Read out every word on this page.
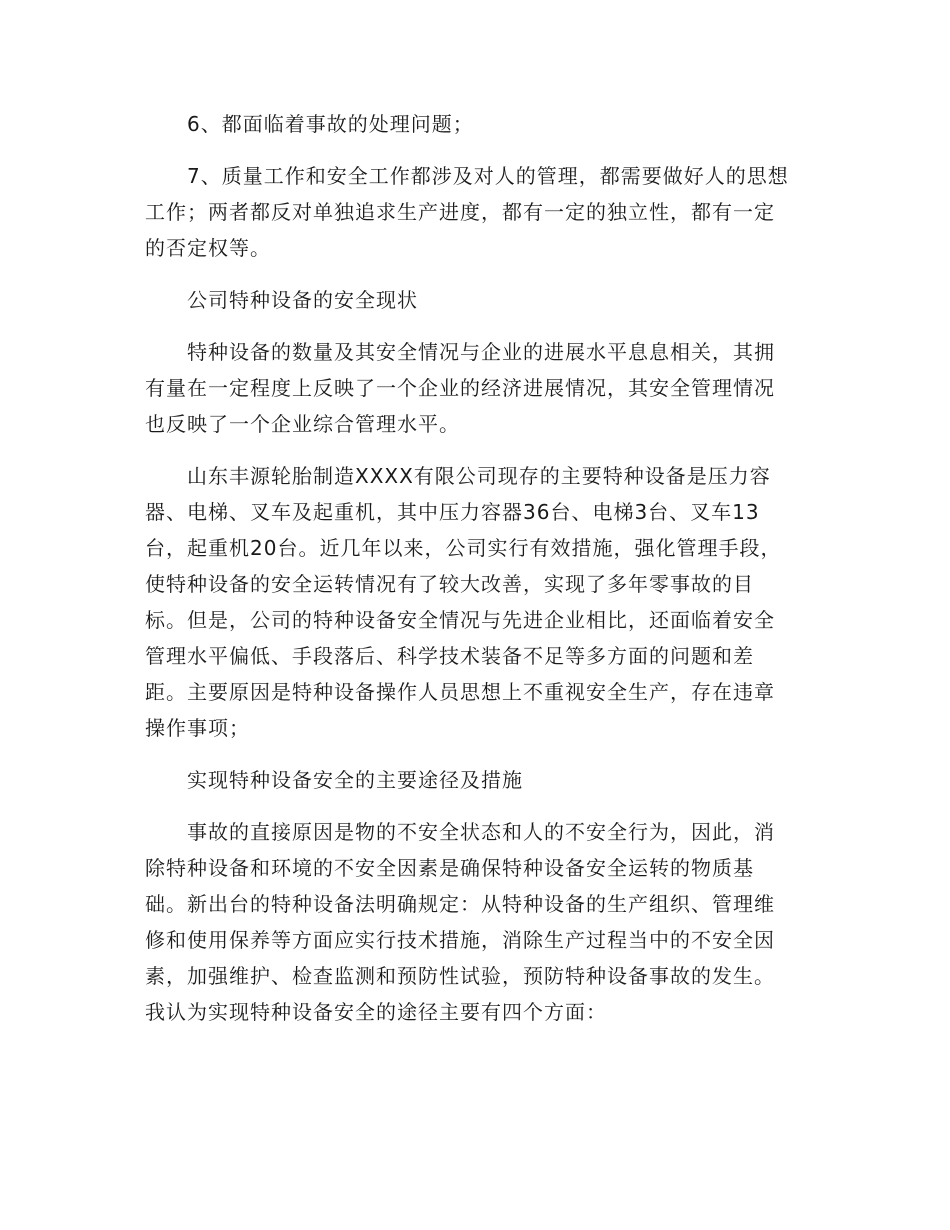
6、都面临着事故的处理问题；
7、质量工作和安全工作都涉及对人的管理，都需要做好人的思想
工作；两者都反对单独追求生产进度，都有一定的独立性，都有一定
的否定权等。
公司特种设备的安全现状
特种设备的数量及其安全情况与企业的进展水平息息相关，其拥
有量在一定程度上反映了一个企业的经济进展情况，其安全管理情况
也反映了一个企业综合管理水平。
山东丰源轮胎制造XXXX有限公司现存的主要特种设备是压力容
器、电梯、叉车及起重机，其中压力容器36台、电梯3台、叉车13
台，起重机20台。近几年以来，公司实行有效措施，强化管理手段，
使特种设备的安全运转情况有了较大改善，实现了多年零事故的目
标。但是，公司的特种设备安全情况与先进企业相比，还面临着安全
管理水平偏低、手段落后、科学技术装备不足等多方面的问题和差
距。主要原因是特种设备操作人员思想上不重视安全生产，存在违章
操作事项；
实现特种设备安全的主要途径及措施
事故的直接原因是物的不安全状态和人的不安全行为，因此，消
除特种设备和环境的不安全因素是确保特种设备安全运转的物质基
础。新出台的特种设备法明确规定：从特种设备的生产组织、管理维
修和使用保养等方面应实行技术措施，消除生产过程当中的不安全因
素，加强维护、检查监测和预防性试验，预防特种设备事故的发生。
我认为实现特种设备安全的途径主要有四个方面：
